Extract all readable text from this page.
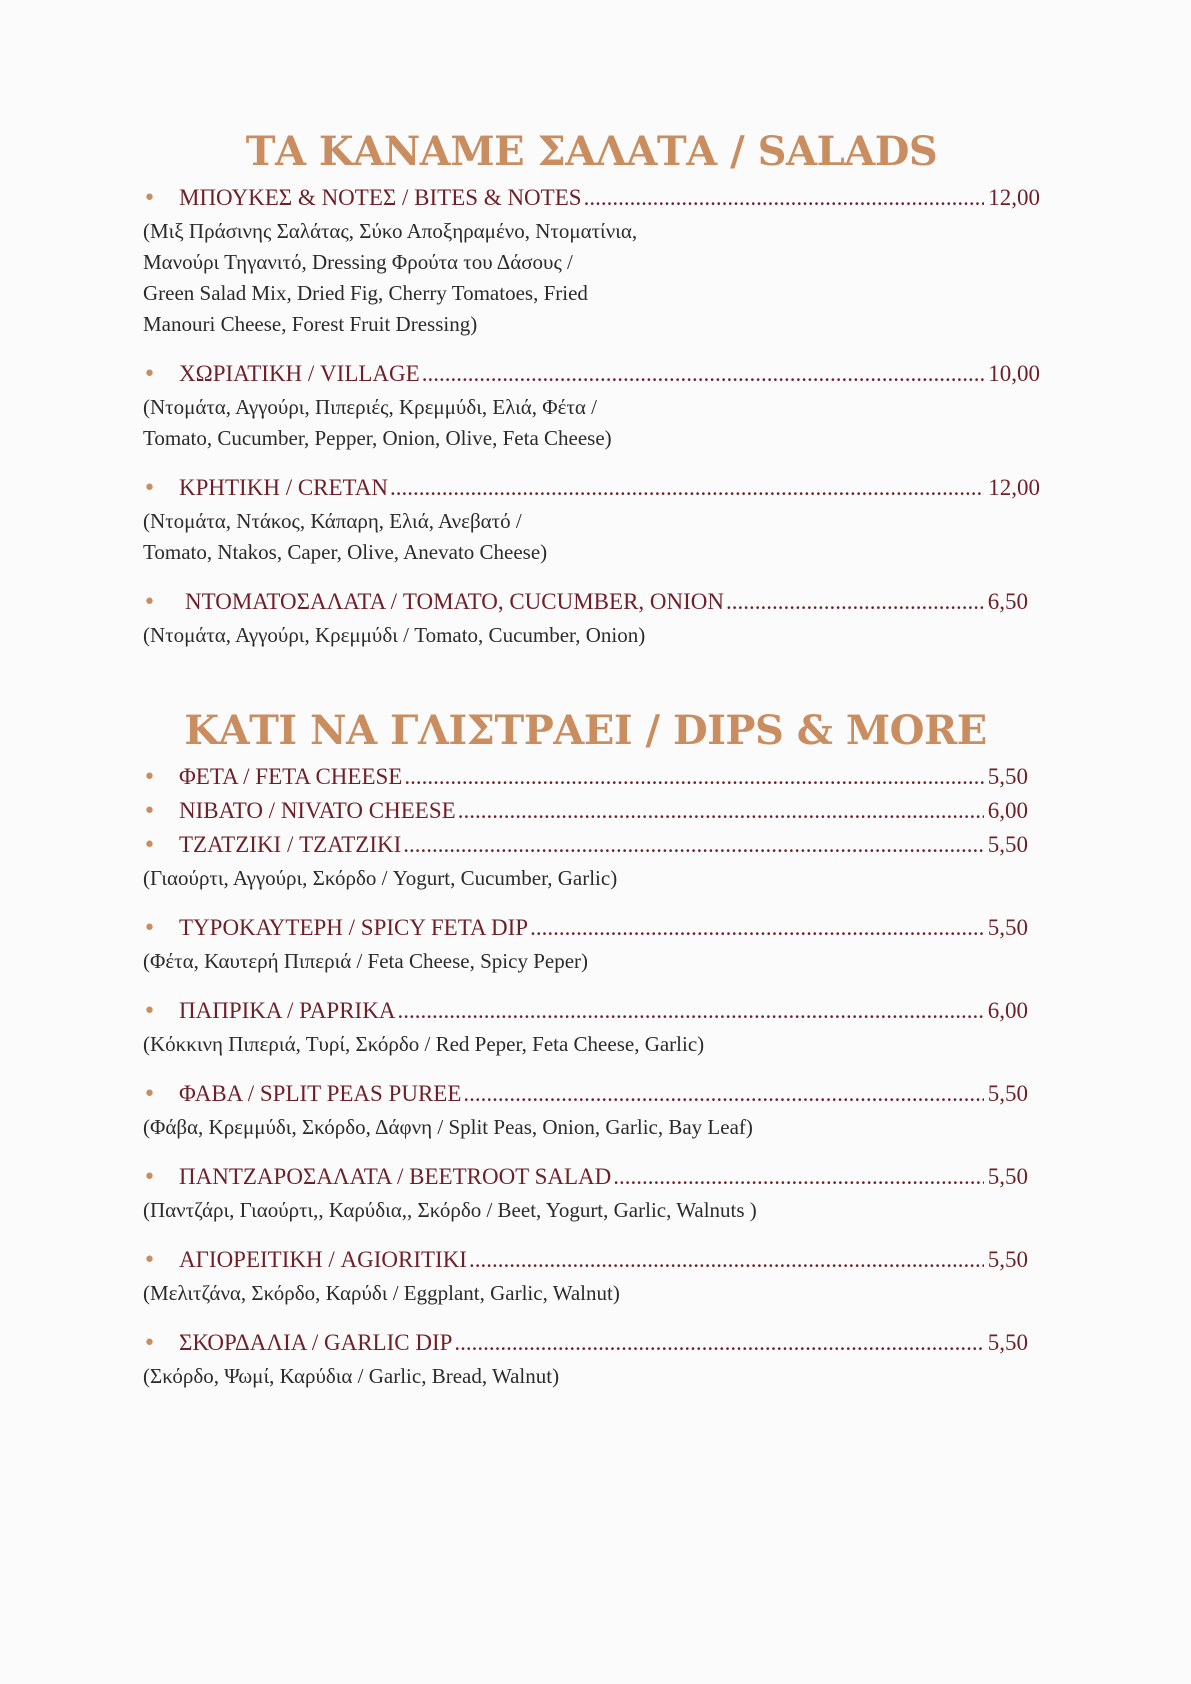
ΤΑ ΚΑΝΑΜΕ ΣΑΛΑΤΑ / SALADS
•	ΜΠΟΥΚΕΣ & ΝΟΤΕΣ / BITES & NOTES .....	12,00

(Μιξ Πράσινης Σαλάτας, Σύκο Αποξηραμένο, Ντοματίνια,
Μανούρι Τηγανιτό, Dressing Φρούτα του Δάσους /
Green Salad Mix, Dried Fig, Cherry Tomatoes, Fried
Manouri Cheese, Forest Fruit Dressing)

•	ΧΩΡΙΑΤΙΚΗ / VILLAGE .....	10,00

(Ντομάτα, Αγγούρι, Πιπεριές, Κρεμμύδι, Ελιά, Φέτα /
Tomato, Cucumber, Pepper, Onion, Olive, Feta Cheese)

•	ΚΡΗΤΙΚΗ / CRETAN .....	12,00

(Ντομάτα, Ντάκος, Κάπαρη, Ελιά, Ανεβατό /
Tomato, Ntakos, Caper, Olive, Anevato Cheese)

•	ΝΤΟΜΑΤΟΣΑΛΑΤΑ / TOMATO, CUCUMBER, ONION .....	6,50

(Ντομάτα, Αγγούρι, Κρεμμύδι / Tomato, Cucumber, Onion)

ΚΑΤΙ ΝΑ ΓΛΙΣΤΡΑΕΙ / DIPS & MORE
•	ΦΕΤΑ / FETA CHEESE .....	5,50
•	ΝΙΒΑΤΟ / NIVATO CHEESE .....	6,00
•	ΤΖΑΤΖΙΚΙ / TZATZIKI .....	5,50

(Γιαούρτι, Αγγούρι, Σκόρδο / Yogurt, Cucumber, Garlic)

•	ΤΥΡΟΚΑΥΤΕΡΗ / SPICY FETA DIP .....	5,50

(Φέτα, Καυτερή Πιπεριά / Feta Cheese, Spicy Peper)

•	ΠΑΠΡΙΚΑ / PAPRIKA .....	6,00

(Κόκκινη Πιπεριά, Τυρί, Σκόρδο / Red Peper, Feta Cheese, Garlic)

•	ΦΑΒΑ / SPLIT PEAS PUREE .....	5,50

(Φάβα, Κρεμμύδι, Σκόρδο, Δάφνη / Split Peas, Onion, Garlic, Bay Leaf)

•	ΠΑΝΤΖΑΡΟΣΑΛΑΤΑ / BEETROOT SALAD .....	5,50

(Παντζάρι, Γιαούρτι,, Καρύδια,, Σκόρδο / Beet, Yogurt, Garlic, Walnuts )

•	ΑΓΙΟΡΕΙΤΙΚΗ / AGIORITIKI .....	5,50

(Μελιτζάνα, Σκόρδο, Καρύδι / Eggplant, Garlic, Walnut)

•	ΣΚΟΡΔΑΛΙΑ / GARLIC DIP .....	5,50

(Σκόρδο, Ψωμί, Καρύδια / Garlic, Bread, Walnut)
